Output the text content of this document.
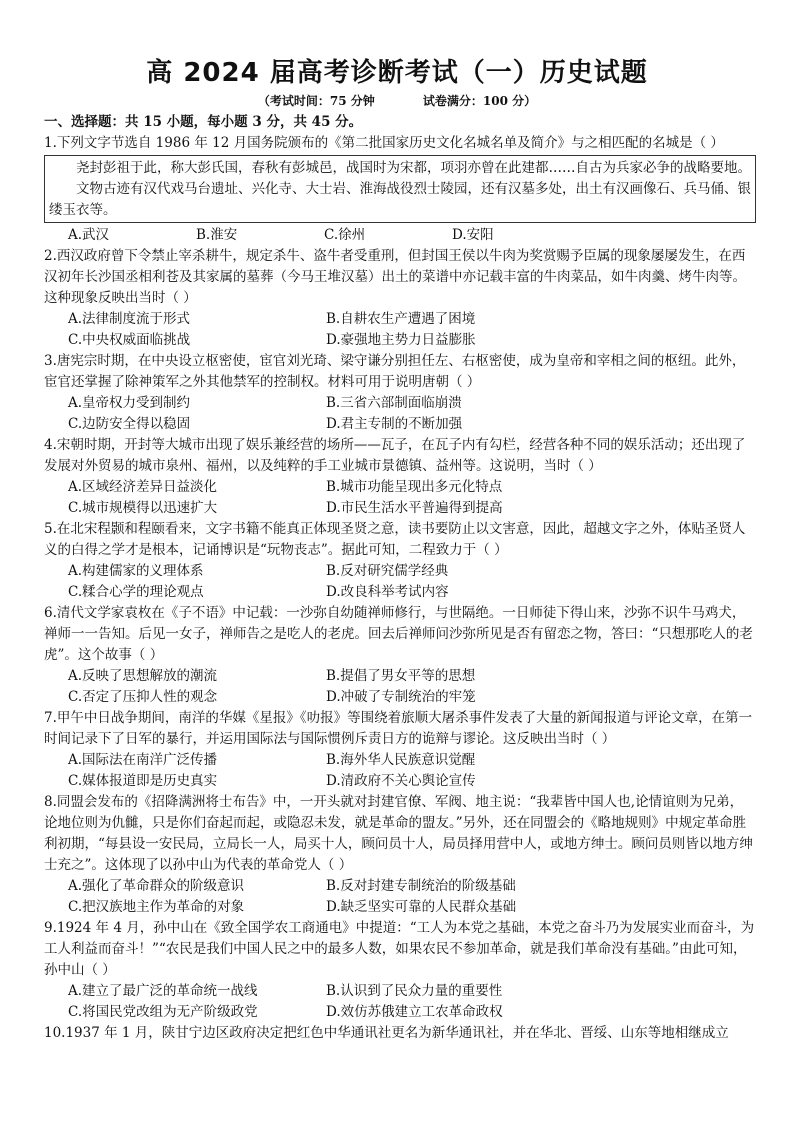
高 2024 届高考诊断考试（一）历史试题
（考试时间：75 分钟	试卷满分：100 分）
一、选择题：共 15 小题，每小题 3 分，共 45 分。

1.下列文字节选自 1986 年 12 月国务院颁布的《第二批国家历史文化名城名单及简介》与之相匹配的名城是（ ）

尧封彭祖于此，称大彭氏国，春秋有彭城邑，战国时为宋都，项羽亦曾在此建都……自古为兵家必争的战略要地。

文物古迹有汉代戏马台遗址、兴化寺、大士岩、淮海战役烈士陵园，还有汉墓多处，出土有汉画像石、兵马俑、银缕玉衣等。

A.武汉	B.淮安	C.徐州	D.安阳

2.西汉政府曾下令禁止宰杀耕牛，规定杀牛、盗牛者受重刑，但封国王侯以牛肉为奖赏赐予臣属的现象屡屡发生，在西汉初年长沙国丞相利苍及其家属的墓葬（今马王堆汉墓）出土的菜谱中亦记载丰富的牛肉菜品，如牛肉羹、烤牛肉等。这种现象反映出当时（ ）

A.法律制度流于形式	B.自耕农生产遭遇了困境
C.中央权威面临挑战	D.豪强地主势力日益膨胀

3.唐宪宗时期，在中央设立枢密使，宦官刘光琦、梁守谦分别担任左、右枢密使，成为皇帝和宰相之间的枢纽。此外，宦官还掌握了除神策军之外其他禁军的控制权。材料可用于说明唐朝（ ）

A.皇帝权力受到制约	B.三省六部制面临崩溃
C.边防安全得以稳固	D.君主专制的不断加强

4.宋朝时期，开封等大城市出现了娱乐兼经营的场所——瓦子，在瓦子内有勾栏，经营各种不同的娱乐活动；还出现了发展对外贸易的城市泉州、福州，以及纯粹的手工业城市景德镇、益州等。这说明，当时（ ）

A.区域经济差异日益淡化	B.城市功能呈现出多元化特点
C.城市规模得以迅速扩大	D.市民生活水平普遍得到提高

5.在北宋程颢和程颐看来，文字书籍不能真正体现圣贤之意，读书要防止以文害意，因此，超越文字之外，体贴圣贤人义的白得之学才是根本，记诵博识是“玩物丧志”。据此可知，二程致力于（ ）

A.构建儒家的义理体系	B.反对研究儒学经典
C.糅合心学的理论观点	D.改良科举考试内容

6.清代文学家袁枚在《子不语》中记载：一沙弥自幼随禅师修行，与世隔绝。一日师徒下得山来，沙弥不识牛马鸡犬，禅师一一告知。后见一女子，禅师告之是吃人的老虎。回去后禅师问沙弥所见是否有留恋之物，答曰：“只想那吃人的老虎”。这个故事（ ）

A.反映了思想解放的潮流	B.提倡了男女平等的思想
C.否定了压抑人性的观念	D.冲破了专制统治的牢笼

7.甲午中日战争期间，南洋的华媒《星报》《叻报》等围绕着旅顺大屠杀事件发表了大量的新闻报道与评论文章，在第一时间记录下了日军的暴行，并运用国际法与国际惯例斥责日方的诡辩与谬论。这反映出当时（ ）

A.国际法在南洋广泛传播	B.海外华人民族意识觉醒
C.媒体报道即是历史真实	D.清政府不关心舆论宣传

8.同盟会发布的《招降满洲将士布告》中，一开头就对封建官僚、军阀、地主说：“我辈皆中国人也,论情谊则为兄弟，论地位则为仇雠，只是你们奋起而起，或隐忍未发，就是革命的盟友。”另外，还在同盟会的《略地规则》中规定革命胜利初期，“每县设一安民局，立局长一人，局买十人，顾问员十人，局员择用营中人，或地方绅士。顾问员则皆以地方绅士充之”。这体现了以孙中山为代表的革命党人（ ）

A.强化了革命群众的阶级意识	B.反对封建专制统治的阶级基础
C.把汉族地主作为革命的对象	D.缺乏坚实可靠的人民群众基础

9.1924 年 4 月，孙中山在《致全国学农工商通电》中提道：“工人为本党之基础，本党之奋斗乃为发展实业而奋斗，为工人利益而奋斗！”“农民是我们中国人民之中的最多人数，如果农民不参加革命，就是我们革命没有基础。”由此可知，孙中山（ ）

A.建立了最广泛的革命统一战线	B.认识到了民众力量的重要性
C.将国民党改组为无产阶级政党	D.效仿苏俄建立工农革命政权

10.1937 年 1 月，陕甘宁边区政府决定把红色中华通讯社更名为新华通讯社，并在华北、晋绥、山东等地相继成立
